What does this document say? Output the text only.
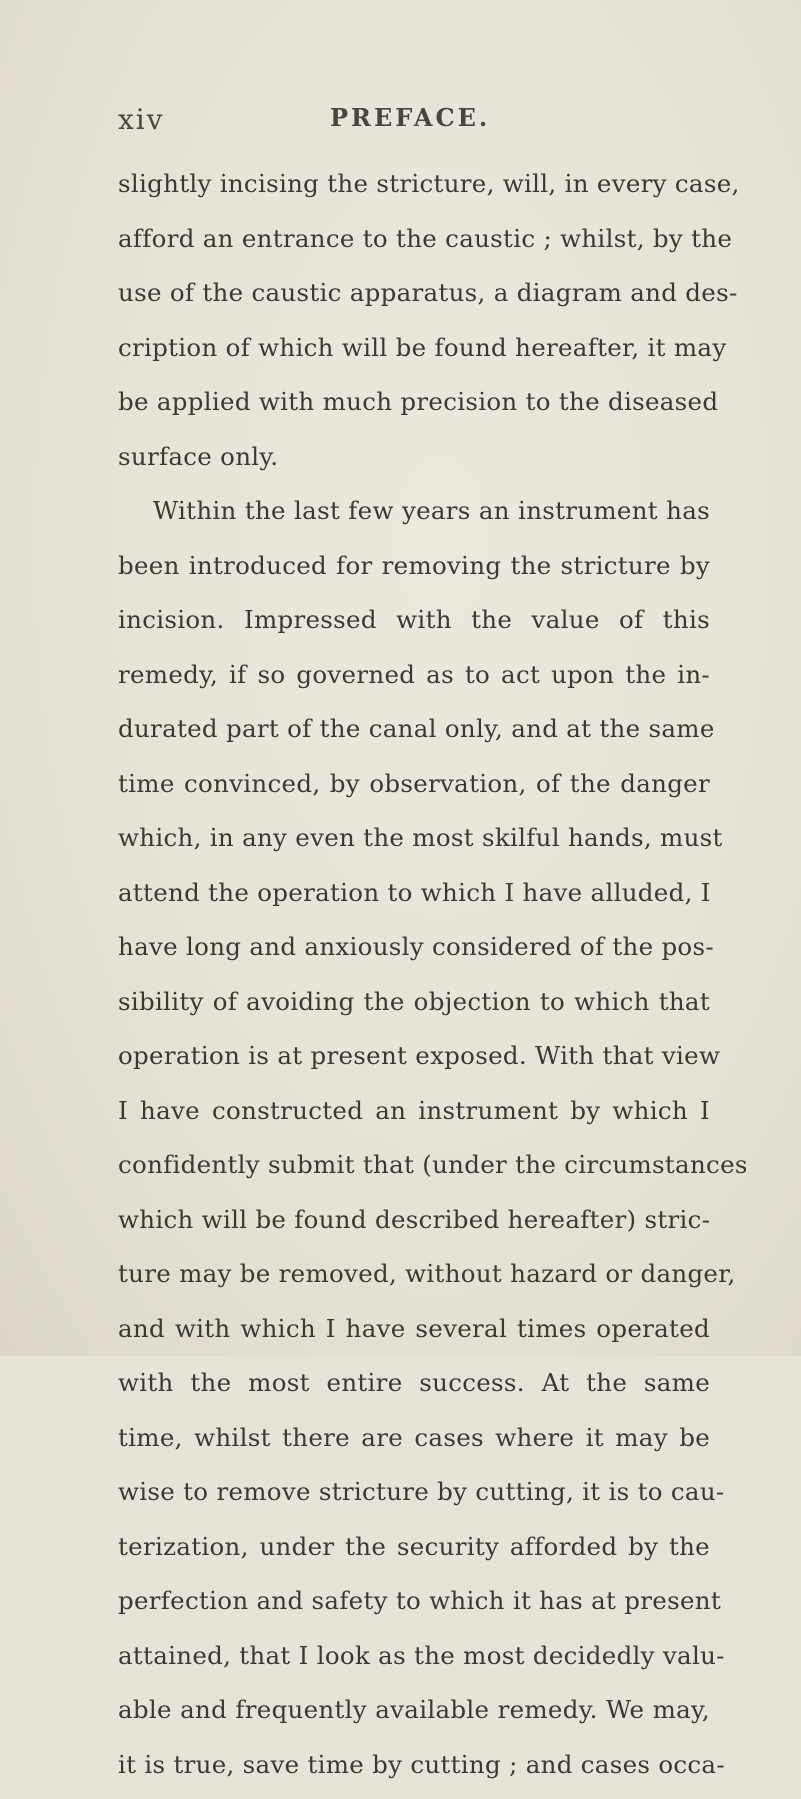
xiv	PREFACE.
slightly incising the stricture, will, in every case,
afford an entrance to the caustic ; whilst, by the
use of the caustic apparatus, a diagram and des-
cription of which will be found hereafter, it may
be applied with much precision to the diseased
surface only.
Within the last few years an instrument has
been introduced for removing the stricture by
incision. Impressed with the value of this
remedy, if so governed as to act upon the in-
durated part of the canal only, and at the same
time convinced, by observation, of the danger
which, in any even the most skilful hands, must
attend the operation to which I have alluded, I
have long and anxiously considered of the pos-
sibility of avoiding the objection to which that
operation is at present exposed. With that view
I have constructed an instrument by which I
confidently submit that (under the circumstances
which will be found described hereafter) stric-
ture may be removed, without hazard or danger,
and with which I have several times operated
with the most entire success. At the same
time, whilst there are cases where it may be
wise to remove stricture by cutting, it is to cau-
terization, under the security afforded by the
perfection and safety to which it has at present
attained, that I look as the most decidedly valu-
able and frequently available remedy. We may,
it is true, save time by cutting ; and cases occa-
